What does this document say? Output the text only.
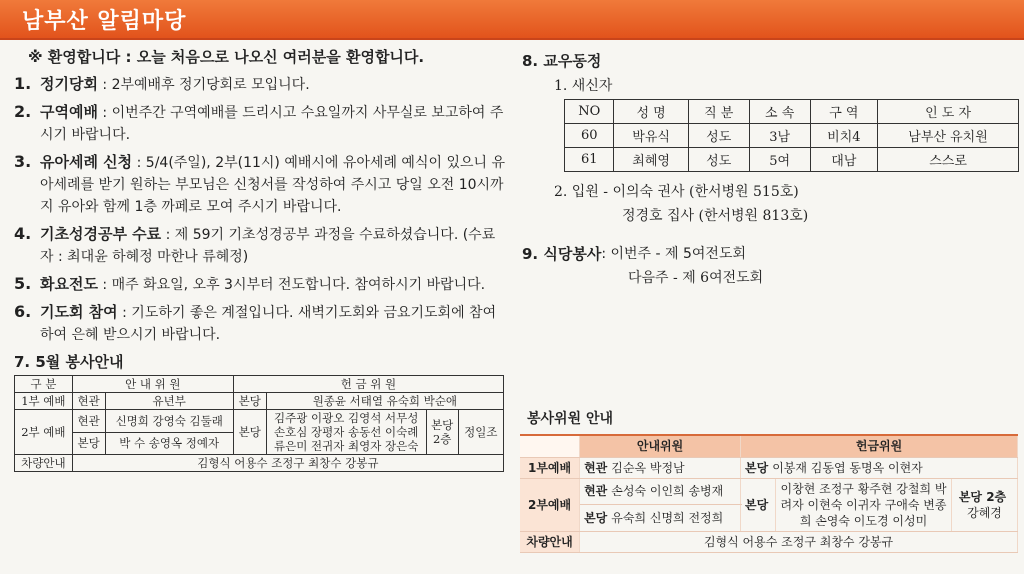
남부산 알림마당
※ 환영합니다 : 오늘 처음으로 나오신 여러분을 환영합니다.
1. 정기당회 : 2부예배후 정기당회로 모입니다.
2. 구역예배 : 이번주간 구역예배를 드리시고 수요일까지 사무실로 보고하여 주시기 바랍니다.
3. 유아세례 신청 : 5/4(주일), 2부(11시) 예배시에 유아세례 예식이 있으니 유아세례를 받기 원하는 부모님은 신청서를 작성하여 주시고 당일 오전 10시까지 유아와 함께 1층 까페로 모여 주시기 바랍니다.
4. 기초성경공부 수료 : 제 59기 기초성경공부 과정을 수료하셨습니다. (수료자 : 최대윤 하혜정 마한나 류혜정)
5. 화요전도 : 매주 화요일, 오후 3시부터 전도합니다. 참여하시기 바랍니다.
6. 기도회 참여 : 기도하기 좋은 계절입니다. 새벽기도회와 금요기도회에 참여하여 은혜 받으시기 바랍니다.
7. 5월 봉사안내
구 분	안 내 위 원		헌 금 위 원			
1부 예배	현관	유년부	본당	원종윤 서태열 유숙희 박순애		
2부 예배	현관	신명희 강영숙 김둘래	본당	김주광 이광오 김영석 서무성 손호심 장평자 송동선 이숙례 류은미 전귀자 최영자 장은숙	본당 2층	정일조
	본당	박 수 송영옥 정예자				
차량안내	김형식 어용수 조정구 최창수 강봉규					
8. 교우동정
1. 새신자
NO	성 명	직 분	소 속	구 역	인 도 자
60	박유식	성도	3남	비치4	남부산 유치원
61	최혜영	성도	5여	대남	스스로
2. 입원 - 이의숙 권사 (한서병원 515호)
정경호 집사 (한서병원 813호)
9. 식당봉사 : 이번주 - 제 5여전도회
다음주 - 제 6여전도회
봉사위원 안내
	안내위원	헌금위원		
1부예배	현관 김순옥 박정남	본당 이봉재 김동엽 동명옥 이현자		
2부예배	현관 손성숙 이인희 송병재	본당	이창현 조정구 황주현 강철희 박려자 이현숙 이귀자 구애숙 변종희 손영숙 이도경 이성미	본당 2층
강혜경
	본당 유숙희 신명희 전정희			
차량안내	김형식 어용수 조정구 최창수 강봉규			
